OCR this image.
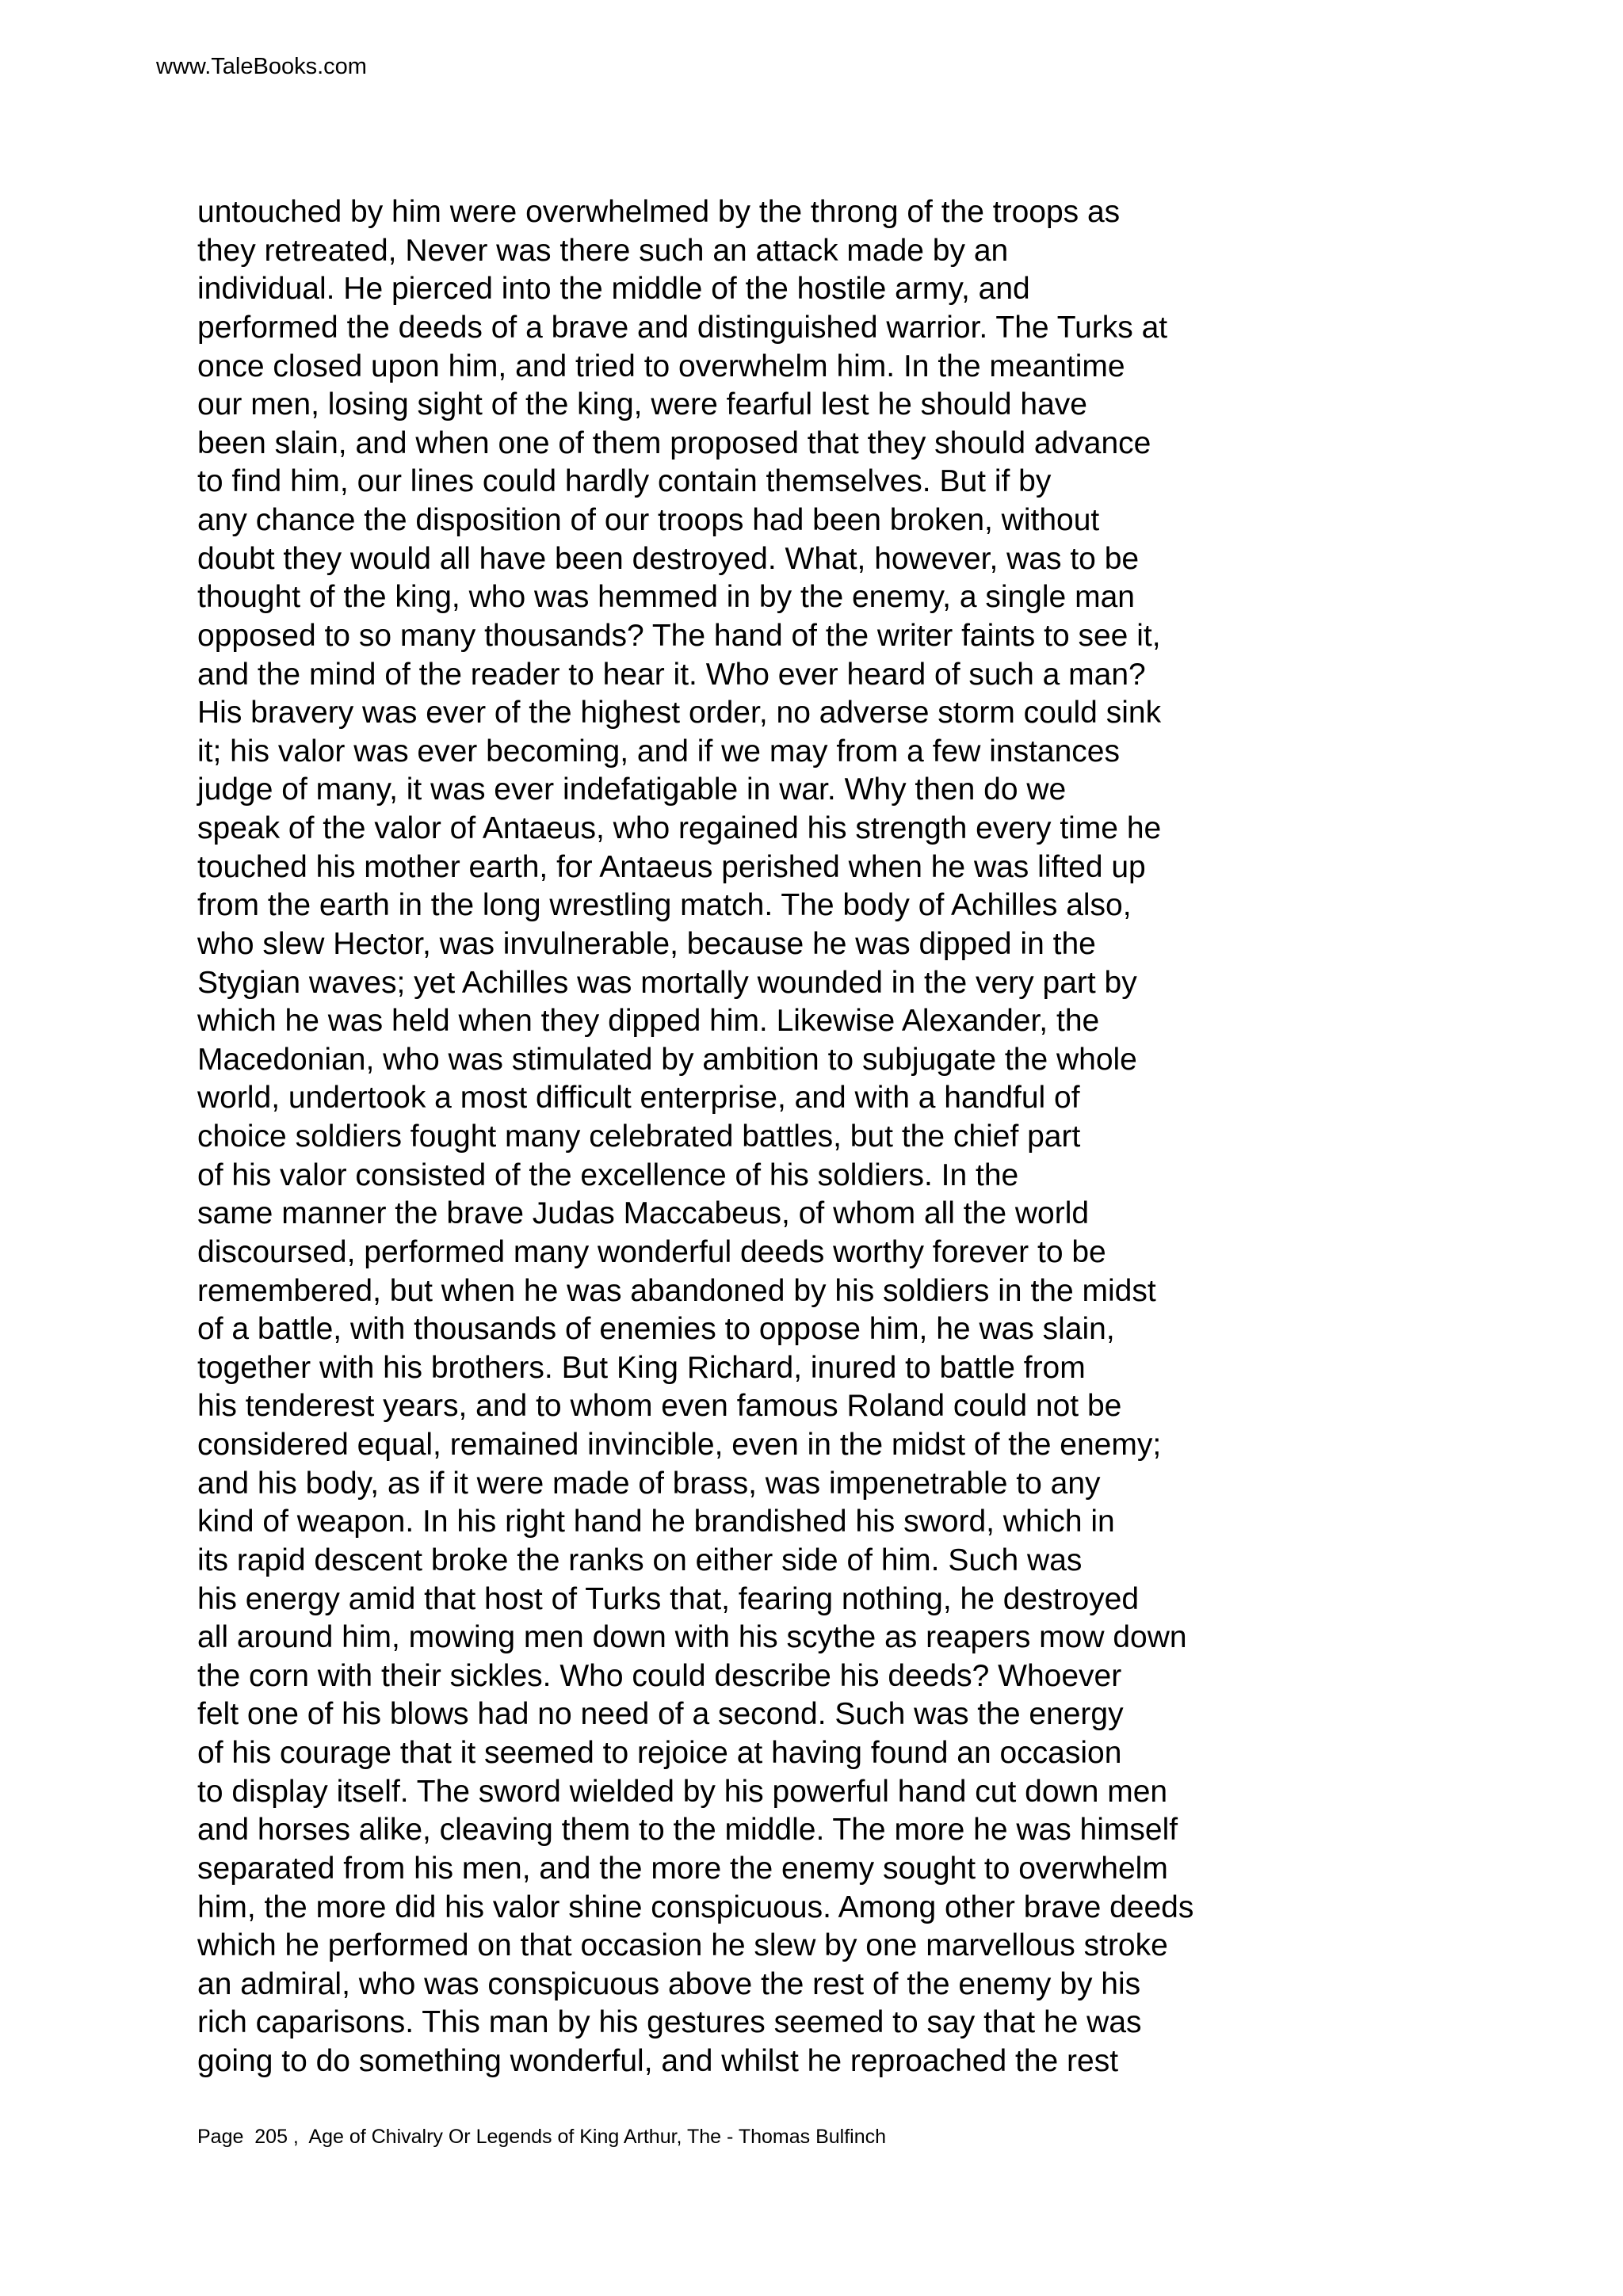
www.TaleBooks.com
untouched by him were overwhelmed by the throng of the troops as
they retreated, Never was there such an attack made by an
individual. He pierced into the middle of the hostile army, and
performed the deeds of a brave and distinguished warrior. The Turks at
once closed upon him, and tried to overwhelm him. In the meantime
our men, losing sight of the king, were fearful lest he should have
been slain, and when one of them proposed that they should advance
to find him, our lines could hardly contain themselves. But if by
any chance the disposition of our troops had been broken, without
doubt they would all have been destroyed. What, however, was to be
thought of the king, who was hemmed in by the enemy, a single man
opposed to so many thousands? The hand of the writer faints to see it,
and the mind of the reader to hear it. Who ever heard of such a man?
His bravery was ever of the highest order, no adverse storm could sink
it; his valor was ever becoming, and if we may from a few instances
judge of many, it was ever indefatigable in war. Why then do we
speak of the valor of Antaeus, who regained his strength every time he
touched his mother earth, for Antaeus perished when he was lifted up
from the earth in the long wrestling match. The body of Achilles also,
who slew Hector, was invulnerable, because he was dipped in the
Stygian waves; yet Achilles was mortally wounded in the very part by
which he was held when they dipped him. Likewise Alexander, the
Macedonian, who was stimulated by ambition to subjugate the whole
world, undertook a most difficult enterprise, and with a handful of
choice soldiers fought many celebrated battles, but the chief part
of his valor consisted of the excellence of his soldiers. In the
same manner the brave Judas Maccabeus, of whom all the world
discoursed, performed many wonderful deeds worthy forever to be
remembered, but when he was abandoned by his soldiers in the midst
of a battle, with thousands of enemies to oppose him, he was slain,
together with his brothers. But King Richard, inured to battle from
his tenderest years, and to whom even famous Roland could not be
considered equal, remained invincible, even in the midst of the enemy;
and his body, as if it were made of brass, was impenetrable to any
kind of weapon. In his right hand he brandished his sword, which in
its rapid descent broke the ranks on either side of him. Such was
his energy amid that host of Turks that, fearing nothing, he destroyed
all around him, mowing men down with his scythe as reapers mow down
the corn with their sickles. Who could describe his deeds? Whoever
felt one of his blows had no need of a second. Such was the energy
of his courage that it seemed to rejoice at having found an occasion
to display itself. The sword wielded by his powerful hand cut down men
and horses alike, cleaving them to the middle. The more he was himself
separated from his men, and the more the enemy sought to overwhelm
him, the more did his valor shine conspicuous. Among other brave deeds
which he performed on that occasion he slew by one marvellous stroke
an admiral, who was conspicuous above the rest of the enemy by his
rich caparisons. This man by his gestures seemed to say that he was
going to do something wonderful, and whilst he reproached the rest
Page  205 ,  Age of Chivalry Or Legends of King Arthur, The - Thomas Bulfinch
